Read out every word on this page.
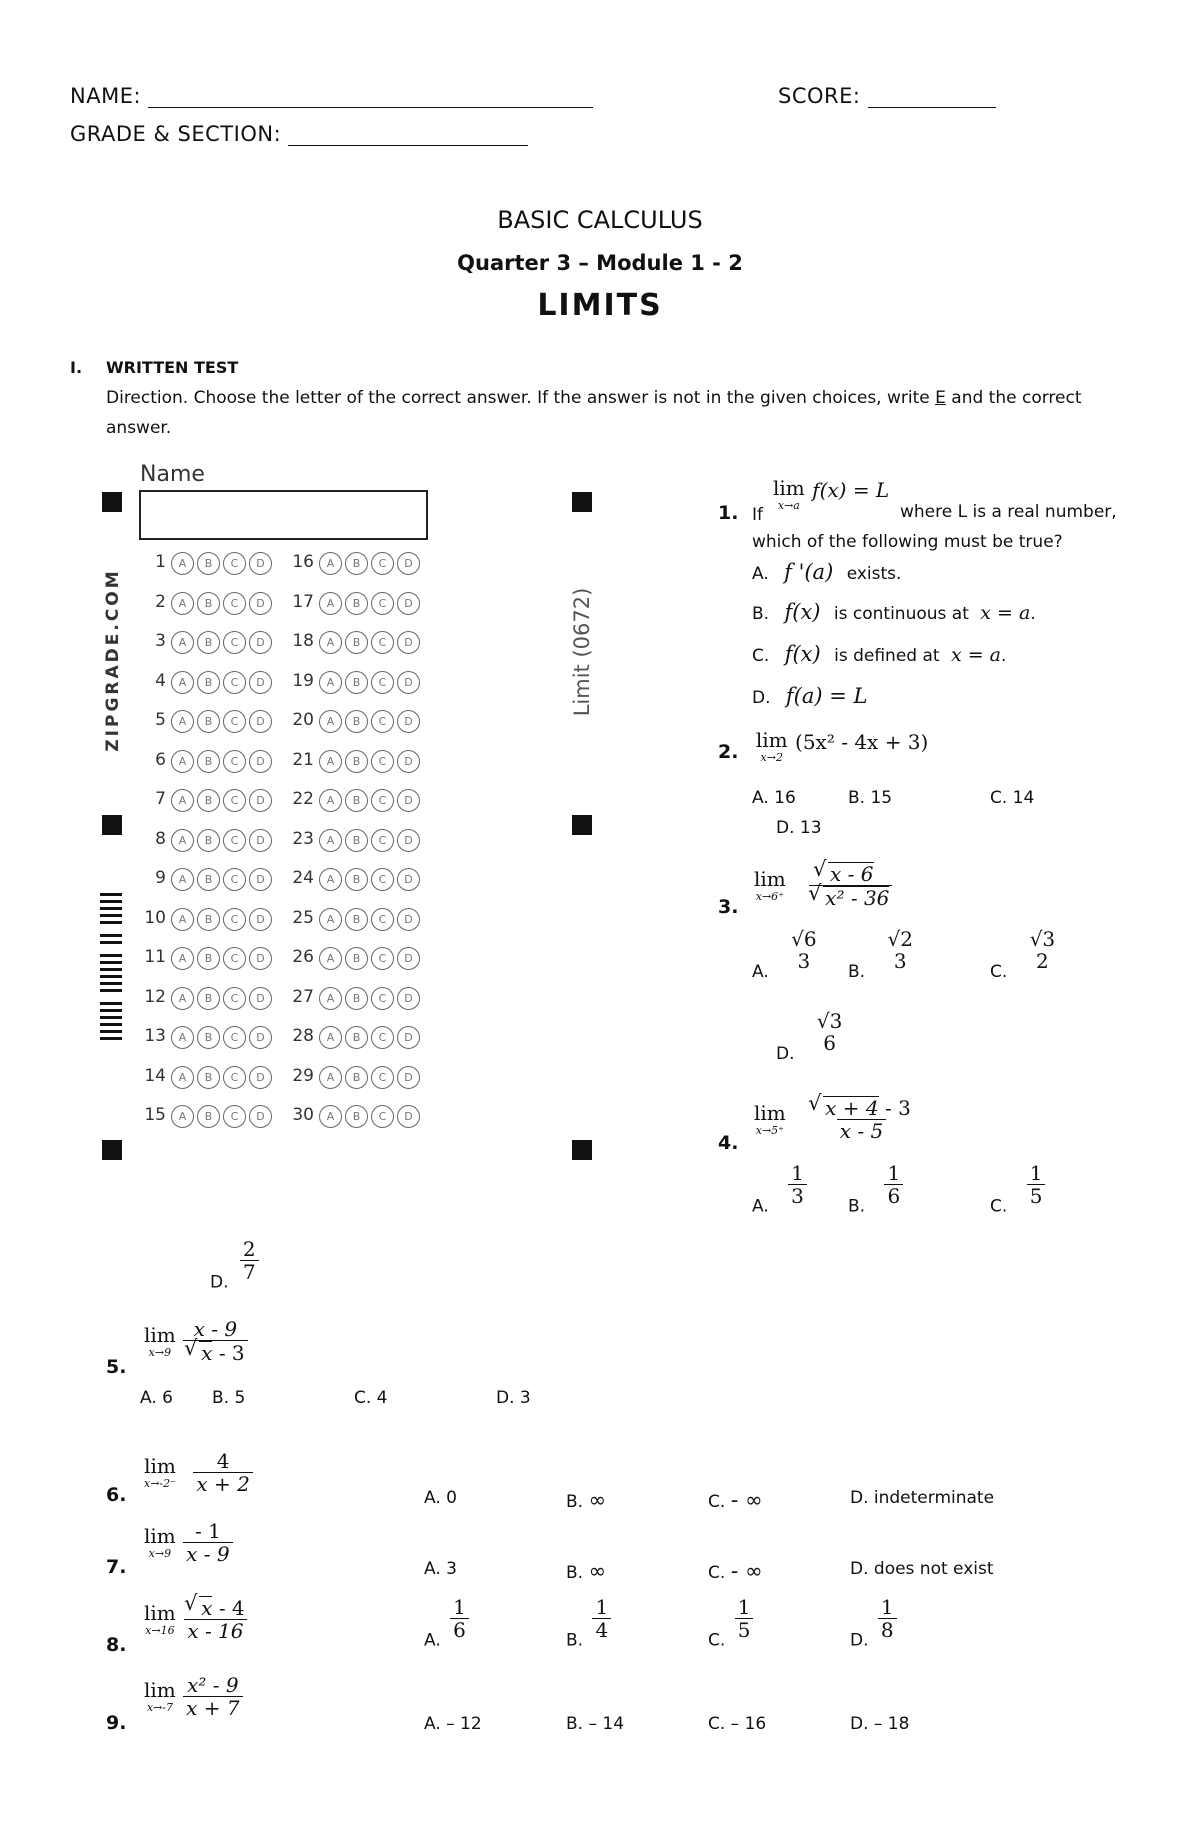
NAME:	SCORE:
GRADE & SECTION:
BASIC CALCULUS
Quarter 3 – Module 1 - 2
LIMITS
I. WRITTEN TEST
Direction. Choose the letter of the correct answer. If the answer is not in the given choices, write E and the correct answer.
Name
ZIPGRADE.COM	Limit (0672)
1 A B C D 16 A B C D
2 A B C D 17 A B C D
3 A B C D 18 A B C D
4 A B C D 19 A B C D
5 A B C D 20 A B C D
6 A B C D 21 A B C D
7 A B C D 22 A B C D
8 A B C D 23 A B C D
9 A B C D 24 A B C D
10 A B C D 25 A B C D
11 A B C D 26 A B C D
12 A B C D 27 A B C D
13 A B C D 28 A B C D
14 A B C D 29 A B C D
15 A B C D 30 A B C D
lim
x→a
f(x) = L
1. If	where L is a real number,
which of the following must be true?
A. f '(a) exists.
B. f(x) is continuous at x = a.
C. f(x) is defined at x = a.
D. f(a) = L
2. lim
x→2
(5x² - 4x + 3)
A. 16	B. 15	C. 14
D. 13
3.
lim
x→6⁺
√ x - 6
√ x² - 36
A.
√6
3 B.
√2
3	C.
√3
2
D.
√3
6
4.
lim
x→5⁺
√ $\frac{x + 4 - 3}{x - 5}$
A. $\frac{1}{3} B$. $\frac{1}{6}$	C. $\frac{1}{5}$
D. $\frac{2}{7}$
5.
lim
x→9
x - 9
√ x - 3
A. 6 B. 5	C. 4	D. 3
6.
lim
x→-2⁻
$\frac{4}{x + 2}$
A. 0	B. ∞	C. - ∞	D. indeterminate
7.
lim
x→9
$\frac{- 1}{x - 9}$
A. 3	B. ∞	C. - ∞	D. does not exist
8.
lim
x→16
√ $\frac{x - 4}{x - 16}$	A. $\frac{1}{6}$	B. $\frac{1}{4}$	C. $\frac{1}{5}$	D. $\frac{1}{8}$
9.
lim
x→-7
$\frac{\text{x² - 9}}{x + 7}$
A. – 12	B. – 14	C. – 16	D. – 18
